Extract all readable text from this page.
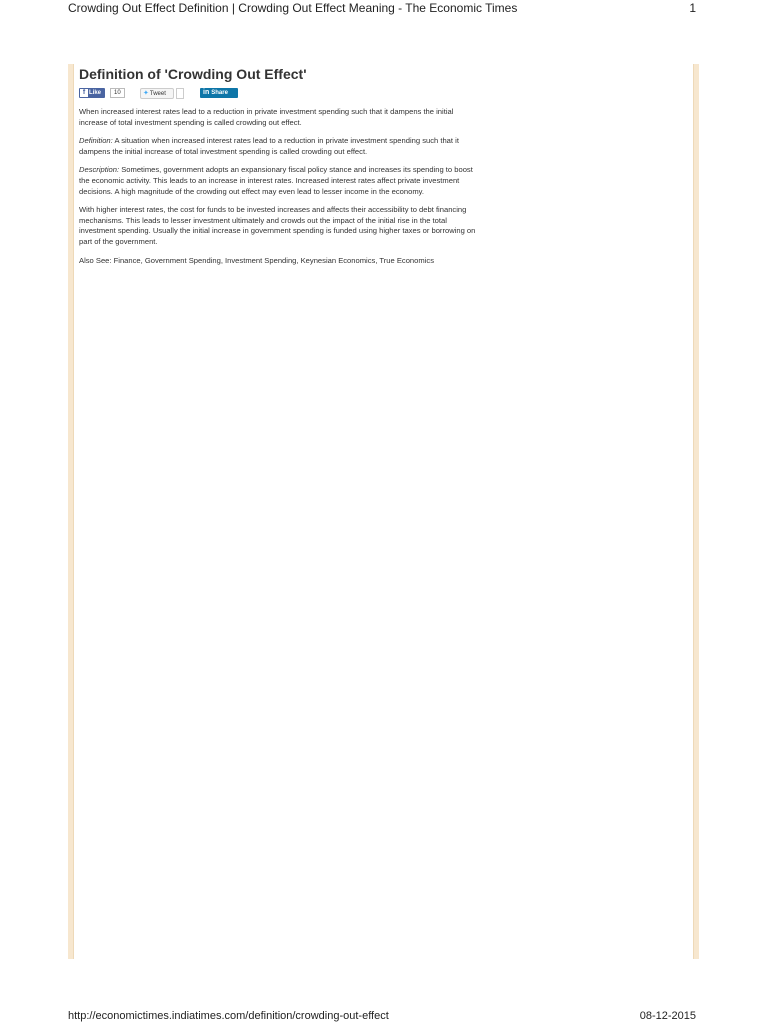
Crowding Out Effect Definition | Crowding Out Effect Meaning - The Economic Times	1
Definition of 'Crowding Out Effect'
f Like	10	✦Tweet	in Share

When increased interest rates lead to a reduction in private investment spending such that it dampens the initial increase of total investment spending is called crowding out effect.

Definition: A situation when increased interest rates lead to a reduction in private investment spending such that it dampens the initial increase of total investment spending is called crowding out effect.

Description: Sometimes, government adopts an expansionary fiscal policy stance and increases its spending to boost the economic activity. This leads to an increase in interest rates. Increased interest rates affect private investment decisions. A high magnitude of the crowding out effect may even lead to lesser income in the economy.

With higher interest rates, the cost for funds to be invested increases and affects their accessibility to debt financing mechanisms. This leads to lesser investment ultimately and crowds out the impact of the initial rise in the total investment spending. Usually the initial increase in government spending is funded using higher taxes or borrowing on part of the government.

Also See: Finance, Government Spending, Investment Spending, Keynesian Economics, True Economics

http://economictimes.indiatimes.com/definition/crowding-out-effect	08-12-2015
